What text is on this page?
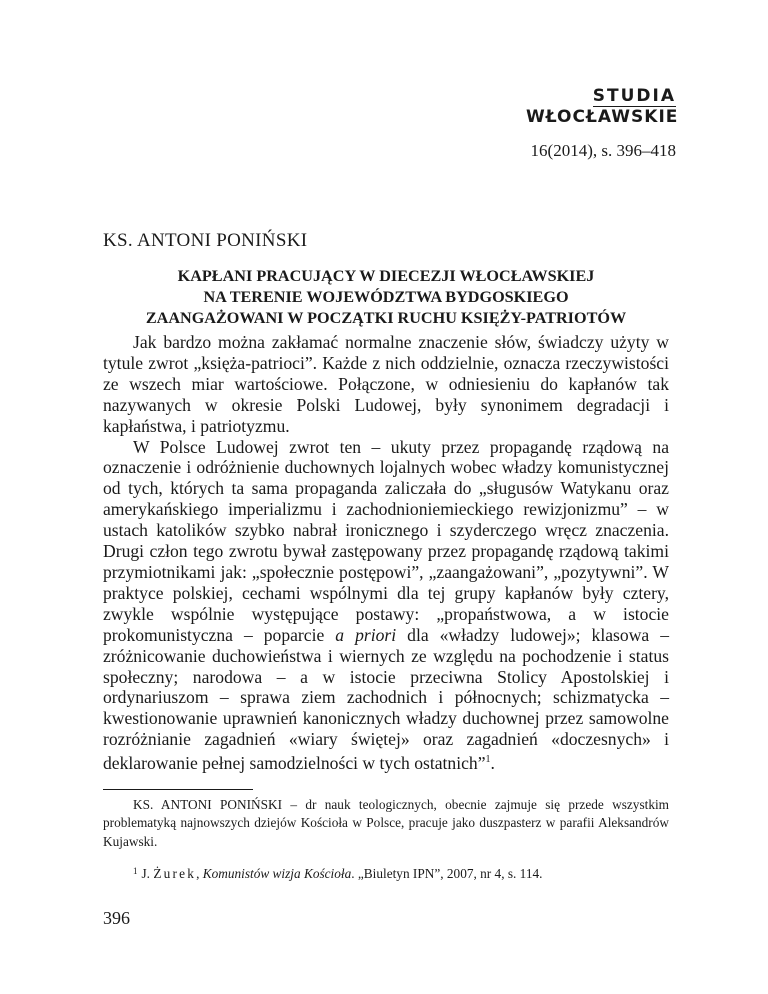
STUDIA
WŁOCŁAWSKIE
16(2014), s. 396–418
KS. ANTONI PONIŃSKI
KAPŁANI PRACUJĄCY W DIECEZJI WŁOCŁAWSKIEJ
NA TERENIE WOJEWÓDZTWA BYDGOSKIEGO
ZAANGAŻOWANI W POCZĄTKI RUCHU KSIĘŻY-PATRIOTÓW

Jak bardzo można zakłamać normalne znaczenie słów, świadczy użyty w tytule zwrot „księża-patrioci”. Każde z nich oddzielnie, oznacza rzeczywistości ze wszech miar wartościowe. Połączone, w odniesieniu do kapłanów tak nazywanych w okresie Polski Ludowej, były synonimem degradacji i kapłaństwa, i patriotyzmu.

W Polsce Ludowej zwrot ten – ukuty przez propagandę rządową na oznaczenie i odróżnienie duchownych lojalnych wobec władzy komunistycznej od tych, których ta sama propaganda zaliczała do „sługusów Watykanu oraz amerykańskiego imperializmu i zachodnioniemieckiego rewizjonizmu” – w ustach katolików szybko nabrał ironicznego i szyderczego wręcz znaczenia. Drugi człon tego zwrotu bywał zastępowany przez propagandę rządową takimi przymiotnikami jak: „społecznie postępowi”, „zaangażowani”, „pozytywni”. W praktyce polskiej, cechami wspólnymi dla tej grupy kapłanów były cztery, zwykle wspólnie występujące postawy: „propaństwowa, a w istocie prokomunistyczna – poparcie a priori dla «władzy ludowej»; klasowa – zróżnicowanie duchowieństwa i wiernych ze względu na pochodzenie i status społeczny; narodowa – a w istocie przeciwna Stolicy Apostolskiej i ordynariuszom – sprawa ziem zachodnich i północnych; schizmatycka – kwestionowanie uprawnień kanonicznych władzy duchownej przez samowolne rozróżnianie zagadnień «wiary świętej» oraz zagadnień «doczesnych» i deklarowanie pełnej samodzielności w tych ostatnich”$^1$.

KS. ANTONI PONIŃSKI – dr nauk teologicznych, obecnie zajmuje się przede wszystkim problematyką najnowszych dziejów Kościoła w Polsce, pracuje jako duszpasterz w parafii Aleksandrów Kujawski.

$^1$ J. Żurek, Komunistów wizja Kościoła. „Biuletyn IPN”, 2007, nr 4, s. 114.
396
